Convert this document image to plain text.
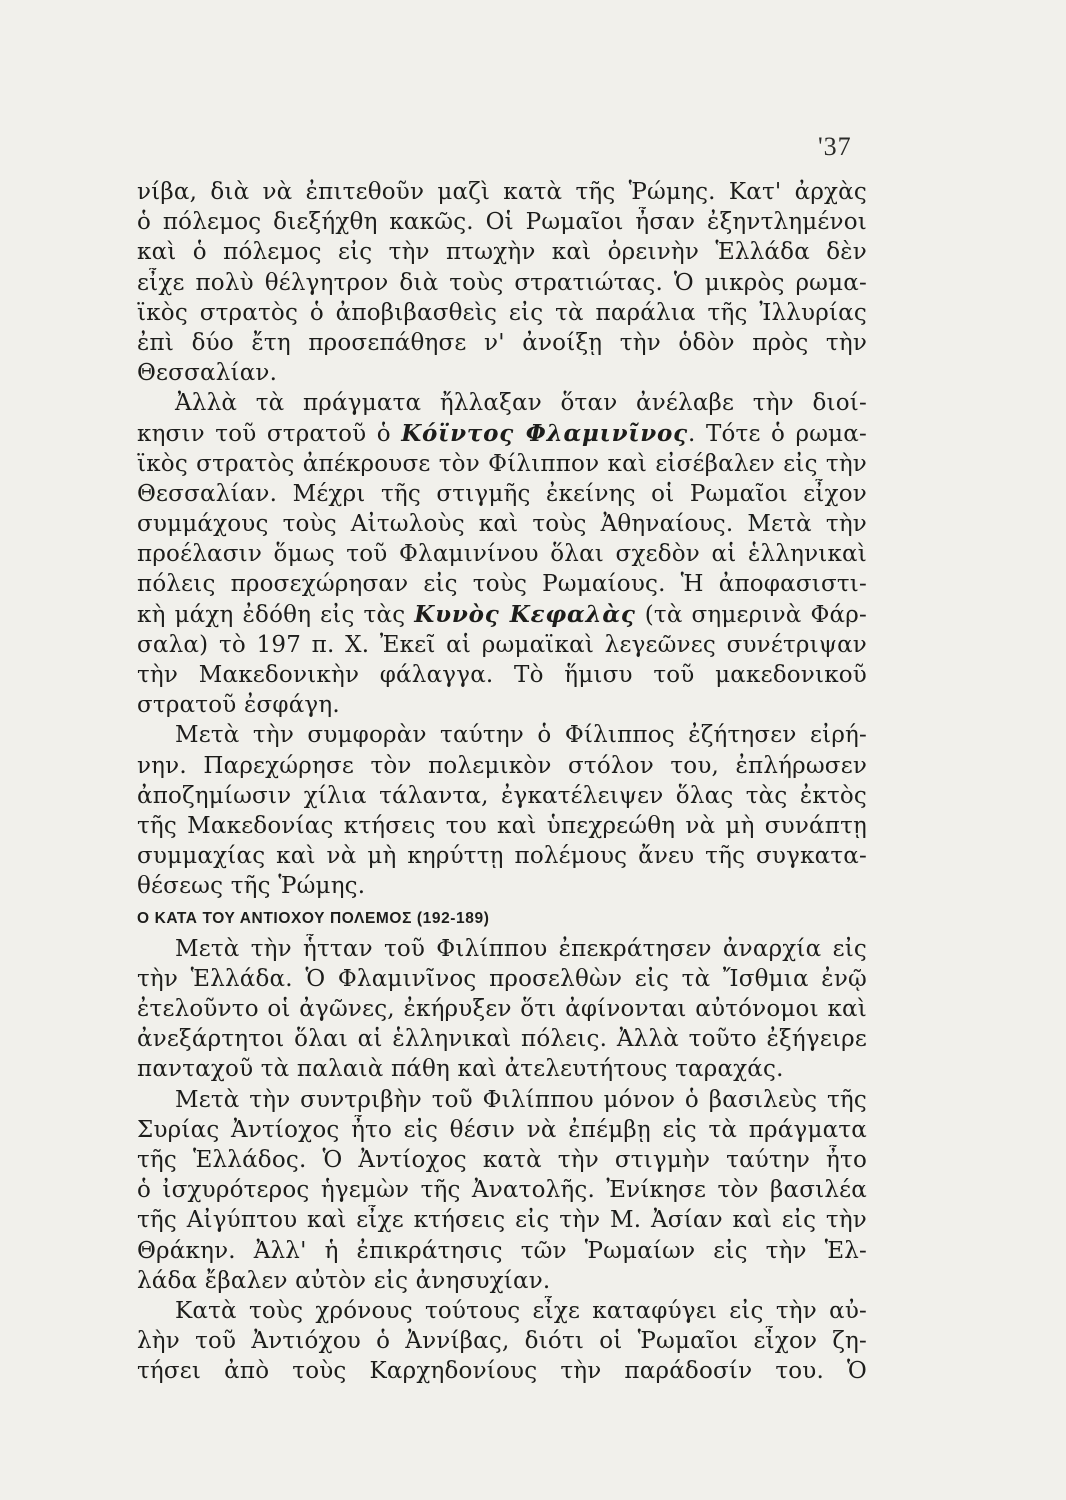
'37
νίβα, διὰ νὰ ἐπιτεθοῦν μαζὶ κατὰ τῆς Ῥώμης. Κατ' ἀρχὰς
ὁ πόλεμος διεξήχθη κακῶς. Οἱ Ρωμαῖοι ἦσαν ἐξηντλημένοι
καὶ ὁ πόλεμος εἰς τὴν πτωχὴν καὶ ὀρεινὴν Ἑλλάδα δὲν
εἶχε πολὺ θέλγητρον διὰ τοὺς στρατιώτας. Ὁ μικρὸς ρωμα-
ϊκὸς στρατὸς ὁ ἀποβιβασθεὶς εἰς τὰ παράλια τῆς Ἰλλυρίας
ἐπὶ δύο ἔτη προσεπάθησε ν' ἀνοίξῃ τὴν ὁδὸν πρὸς τὴν
Θεσσαλίαν.
Ἀλλὰ τὰ πράγματα ἤλλαξαν ὅταν ἀνέλαβε τὴν διοί-
κησιν τοῦ στρατοῦ ὁ Κόϊντος Φλαμινῖνος. Τότε ὁ ρωμα-
ϊκὸς στρατὸς ἀπέκρουσε τὸν Φίλιππον καὶ εἰσέβαλεν εἰς τὴν
Θεσσαλίαν. Μέχρι τῆς στιγμῆς ἐκείνης οἱ Ρωμαῖοι εἶχον
συμμάχους τοὺς Αἰτωλοὺς καὶ τοὺς Ἀθηναίους. Μετὰ τὴν
προέλασιν ὅμως τοῦ Φλαμινίνου ὅλαι σχεδὸν αἱ ἑλληνικαὶ
πόλεις προσεχώρησαν εἰς τοὺς Ρωμαίους. Ἡ ἀποφασιστι-
κὴ μάχη ἐδόθη εἰς τὰς Κυνὸς Κεφαλὰς (τὰ σημερινὰ Φάρ-
σαλα) τὸ 197 π. Χ. Ἐκεῖ αἱ ρωμαϊκαὶ λεγεῶνες συνέτριψαν
τὴν Μακεδονικὴν φάλαγγα. Τὸ ἥμισυ τοῦ μακεδονικοῦ
στρατοῦ ἐσφάγη.
Μετὰ τὴν συμφορὰν ταύτην ὁ Φίλιππος ἐζήτησεν εἰρή-
νην. Παρεχώρησε τὸν πολεμικὸν στόλον του, ἐπλήρωσεν
ἀποζημίωσιν χίλια τάλαντα, ἐγκατέλειψεν ὅλας τὰς ἐκτὸς
τῆς Μακεδονίας κτήσεις του καὶ ὑπεχρεώθη νὰ μὴ συνάπτῃ
συμμαχίας καὶ νὰ μὴ κηρύττῃ πολέμους ἄνευ τῆς συγκατα-
θέσεως τῆς Ῥώμης.
Ο ΚΑΤΑ ΤΟΥ ΑΝΤΙΟΧΟΥ ΠΟΛΕΜΟΣ (192-189)
Μετὰ τὴν ἧτταν τοῦ Φιλίππου ἐπεκράτησεν ἀναρχία εἰς
τὴν Ἑλλάδα. Ὁ Φλαμινῖνος προσελθὼν εἰς τὰ Ἴσθμια ἐνῷ
ἐτελοῦντο οἱ ἀγῶνες, ἐκήρυξεν ὅτι ἀφίνονται αὐτόνομοι καὶ
ἀνεξάρτητοι ὅλαι αἱ ἑλληνικαὶ πόλεις. Ἀλλὰ τοῦτο ἐξήγειρε
πανταχοῦ τὰ παλαιὰ πάθη καὶ ἀτελευτήτους ταραχάς.
Μετὰ τὴν συντριβὴν τοῦ Φιλίππου μόνον ὁ βασιλεὺς τῆς
Συρίας Ἀντίοχος ἦτο εἰς θέσιν νὰ ἐπέμβῃ εἰς τὰ πράγματα
τῆς Ἑλλάδος. Ὁ Ἀντίοχος κατὰ τὴν στιγμὴν ταύτην ἦτο
ὁ ἰσχυρότερος ἡγεμὼν τῆς Ἀνατολῆς. Ἐνίκησε τὸν βασιλέα
τῆς Αἰγύπτου καὶ εἶχε κτήσεις εἰς τὴν Μ. Ἀσίαν καὶ εἰς τὴν
Θράκην. Ἀλλ' ἡ ἐπικράτησις τῶν Ῥωμαίων εἰς τὴν Ἑλ-
λάδα ἔβαλεν αὐτὸν εἰς ἀνησυχίαν.
Κατὰ τοὺς χρόνους τούτους εἶχε καταφύγει εἰς τὴν αὐ-
λὴν τοῦ Ἀντιόχου ὁ Ἀννίβας, διότι οἱ Ῥωμαῖοι εἶχον ζη-
τήσει ἀπὸ τοὺς Καρχηδονίους τὴν παράδοσίν του. Ὁ
